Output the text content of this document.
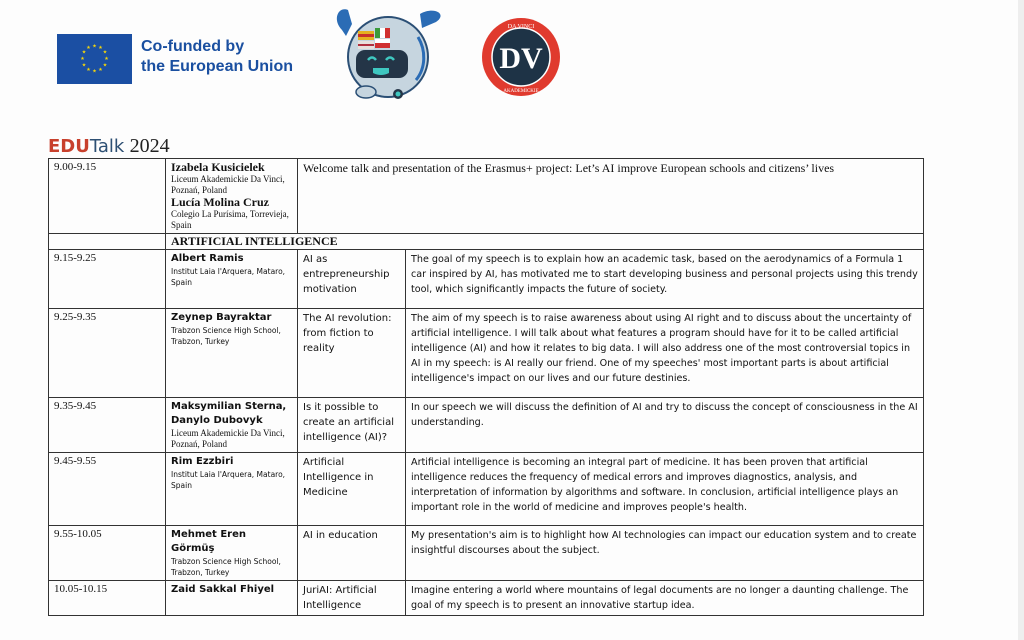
★ ★
★
★
★
★
★
★
★
★
★
★	Co-funded by
the European Union	DV
DA VINCI
AKADEMICKIE
EDUTalk 2024
9.00-9.15	Izabela Kusicielek
Liceum Akademickie Da Vinci, Poznań, Poland
Lucía Molina Cruz
Colegio La Purísima, Torrevieja, Spain	Welcome talk and presentation of the Erasmus+ project: Let’s AI improve European schools and citizens’ lives	
	ARTIFICIAL INTELLIGENCE		
9.15-9.25	Albert Ramis
Institut Laia l'Arquera, Mataro, Spain	AI as entrepreneurship motivation	The goal of my speech is to explain how an academic task, based on the aerodynamics of a Formula 1 car inspired by AI, has motivated me to start developing business and personal projects using this trendy tool, which significantly impacts the future of society.
9.25-9.35	Zeynep Bayraktar
Trabzon Science High School, Trabzon, Turkey	The AI revolution: from fiction to reality	The aim of my speech is to raise awareness about using AI right and to discuss about the uncertainty of artificial intelligence. I will talk about what features a program should have for it to be called artificial intelligence (AI) and how it relates to big data. I will also address one of the most controversial topics in AI in my speech: is AI really our friend. One of my speeches' most important parts is about artificial intelligence's impact on our lives and our future destinies.
9.35-9.45	Maksymilian Sterna, Danylo Dubovyk
Liceum Akademickie Da Vinci, Poznań, Poland	Is it possible to create an artificial intelligence (AI)?	In our speech we will discuss the definition of AI and try to discuss the concept of consciousness in the AI understanding.
9.45-9.55	Rim Ezzbiri
Institut Laia l'Arquera, Mataro, Spain	Artificial Intelligence in Medicine	Artificial intelligence is becoming an integral part of medicine. It has been proven that artificial intelligence reduces the frequency of medical errors and improves diagnostics, analysis, and interpretation of information by algorithms and software. In conclusion, artificial intelligence plays an important role in the world of medicine and improves people's health.
9.55-10.05	Mehmet Eren Görmüş
Trabzon Science High School, Trabzon, Turkey	AI in education	My presentation's aim is to highlight how AI technologies can impact our education system and to create insightful discourses about the subject.
10.05-10.15	Zaid Sakkal Fhiyel	JuriAI: Artificial Intelligence	Imagine entering a world where mountains of legal documents are no longer a daunting challenge. The goal of my speech is to present an innovative startup idea.
